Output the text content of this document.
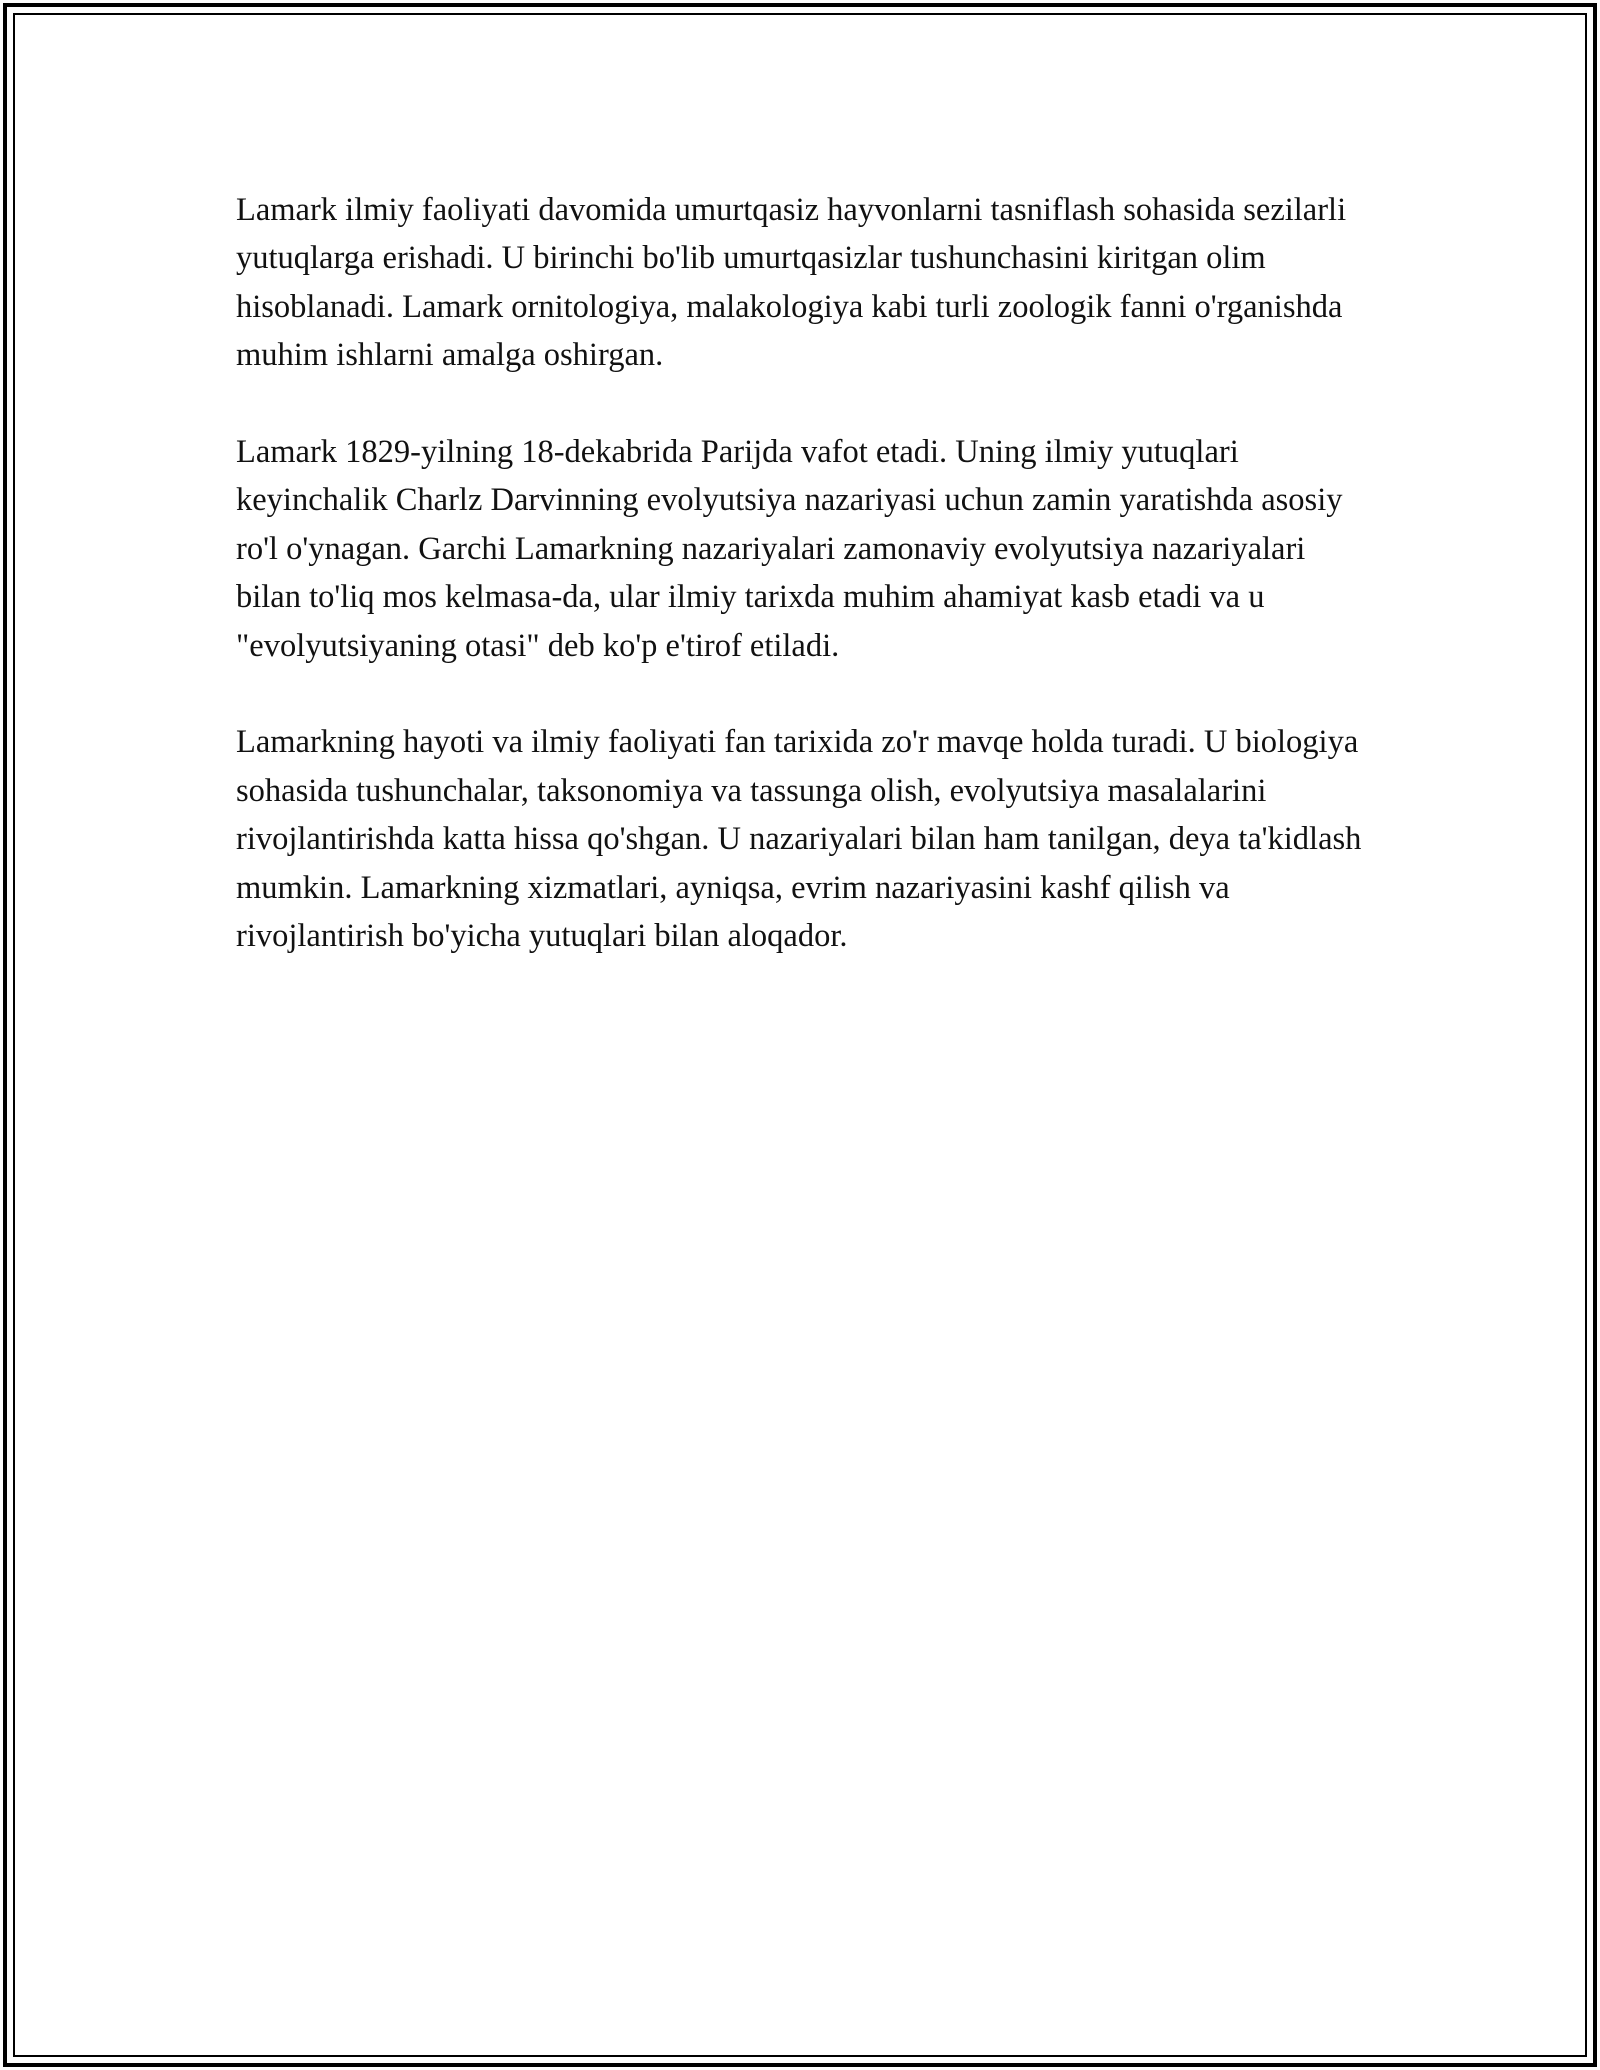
Lamark ilmiy faoliyati davomida umurtqasiz hayvonlarni tasniflash sohasida sezilarli yutuqlarga erishadi. U birinchi bo'lib umurtqasizlar tushunchasini kiritgan olim hisoblanadi. Lamark ornitologiya, malakologiya kabi turli zoologik fanni o'rganishda muhim ishlarni amalga oshirgan.

Lamark 1829-yilning 18-dekabrida Parijda vafot etadi. Uning ilmiy yutuqlari keyinchalik Charlz Darvinning evolyutsiya nazariyasi uchun zamin yaratishda asosiy ro'l o'ynagan. Garchi Lamarkning nazariyalari zamonaviy evolyutsiya nazariyalari bilan to'liq mos kelmasa-da, ular ilmiy tarixda muhim ahamiyat kasb etadi va u "evolyutsiyaning otasi" deb ko'p e'tirof etiladi.

Lamarkning hayoti va ilmiy faoliyati fan tarixida zo'r mavqe holda turadi. U biologiya sohasida tushunchalar, taksonomiya va tassunga olish, evolyutsiya masalalarini rivojlantirishda katta hissa qo'shgan. U nazariyalari bilan ham tanilgan, deya ta'kidlash mumkin. Lamarkning xizmatlari, ayniqsa, evrim nazariyasini kashf qilish va rivojlantirish bo'yicha yutuqlari bilan aloqador.
